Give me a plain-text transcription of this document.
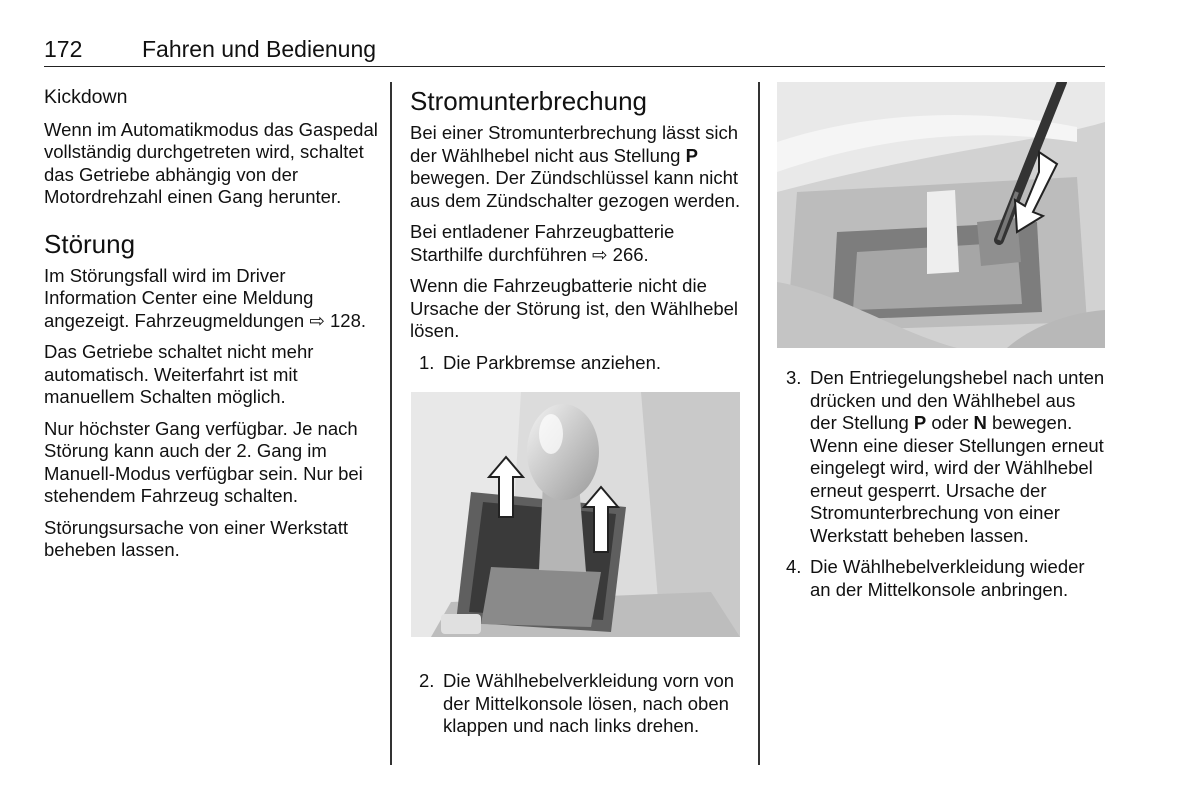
172	Fahren und Bedienung
Kickdown

Wenn im Automatikmodus das Gaspedal vollständig durchgetreten wird, schaltet das Getriebe abhängig von der Motordrehzahl einen Gang herunter.

Störung

Im Störungsfall wird im Driver Information Center eine Meldung angezeigt. Fahrzeugmeldungen ⇨ 128.

Das Getriebe schaltet nicht mehr automatisch. Weiterfahrt ist mit manuellem Schalten möglich.

Nur höchster Gang verfügbar. Je nach Störung kann auch der 2. Gang im Manuell-Modus verfügbar sein. Nur bei stehendem Fahrzeug schalten.

Störungsursache von einer Werkstatt beheben lassen.

Stromunterbrechung

Bei einer Stromunterbrechung lässt sich der Wählhebel nicht aus Stellung P bewegen. Der Zündschlüssel kann nicht aus dem Zündschalter gezogen werden.

Bei entladener Fahrzeugbatterie Starthilfe durchführen ⇨ 266.

Wenn die Fahrzeugbatterie nicht die Ursache der Störung ist, den Wählhebel lösen.

1. Die Parkbremse anziehen.
2. Die Wählhebelverkleidung vorn von der Mittelkonsole lösen, nach oben klappen und nach links drehen.
3. Den Entriegelungshebel nach unten drücken und den Wählhebel aus der Stellung P oder N bewegen. Wenn eine dieser Stellungen erneut eingelegt wird, wird der Wählhebel erneut gesperrt. Ursache der Stromunterbrechung von einer Werkstatt beheben lassen.
4. Die Wählhebelverkleidung wieder an der Mittelkonsole anbringen.
